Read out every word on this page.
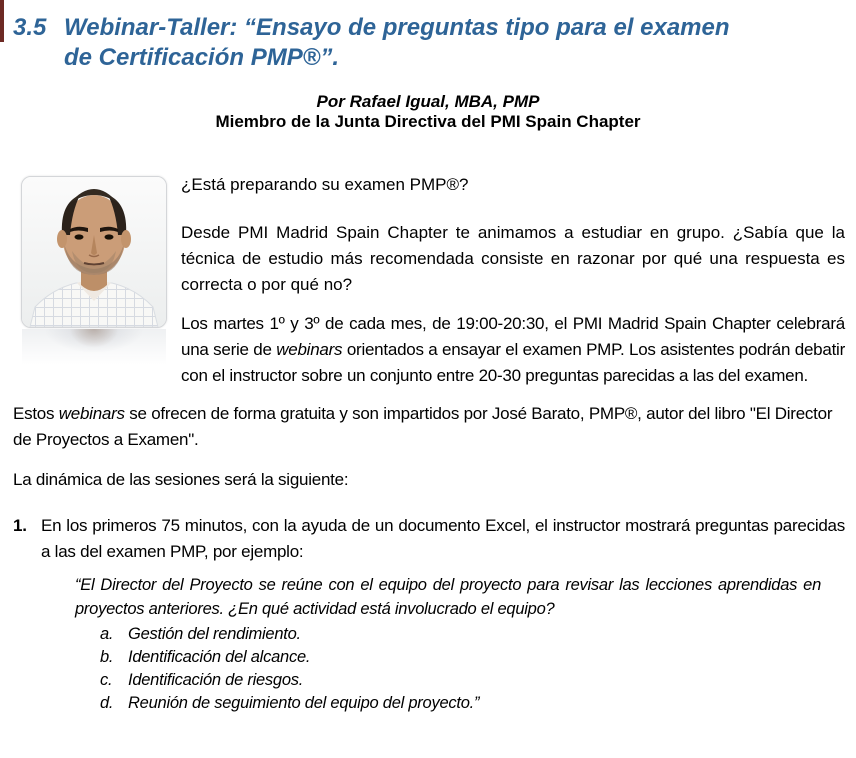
3.5 Webinar-Taller: “Ensayo de preguntas tipo para el examen de Certificación PMP®”.
Por Rafael Igual, MBA, PMP
Miembro de la Junta Directiva del PMI Spain Chapter

¿Está preparando su examen PMP®?

Desde PMI Madrid Spain Chapter te animamos a estudiar en grupo. ¿Sabía que la técnica de estudio más recomendada consiste en razonar por qué una respuesta es correcta o por qué no?

Los martes 1º y 3º de cada mes, de 19:00-20:30, el PMI Madrid Spain Chapter celebrará una serie de webinars orientados a ensayar el examen PMP. Los asistentes podrán debatir con el instructor sobre un conjunto entre 20-30 preguntas parecidas a las del examen.

Estos webinars se ofrecen de forma gratuita y son impartidos por José Barato, PMP®, autor del libro "El Director de Proyectos a Examen".

La dinámica de las sesiones será la siguiente:

1. En los primeros 75 minutos, con la ayuda de un documento Excel, el instructor mostrará preguntas parecidas a las del examen PMP, por ejemplo:
“El Director del Proyecto se reúne con el equipo del proyecto para revisar las lecciones aprendidas en proyectos anteriores. ¿En qué actividad está involucrado el equipo?
a. Gestión del rendimiento.
b. Identificación del alcance.
c. Identificación de riesgos.
d. Reunión de seguimiento del equipo del proyecto.”
